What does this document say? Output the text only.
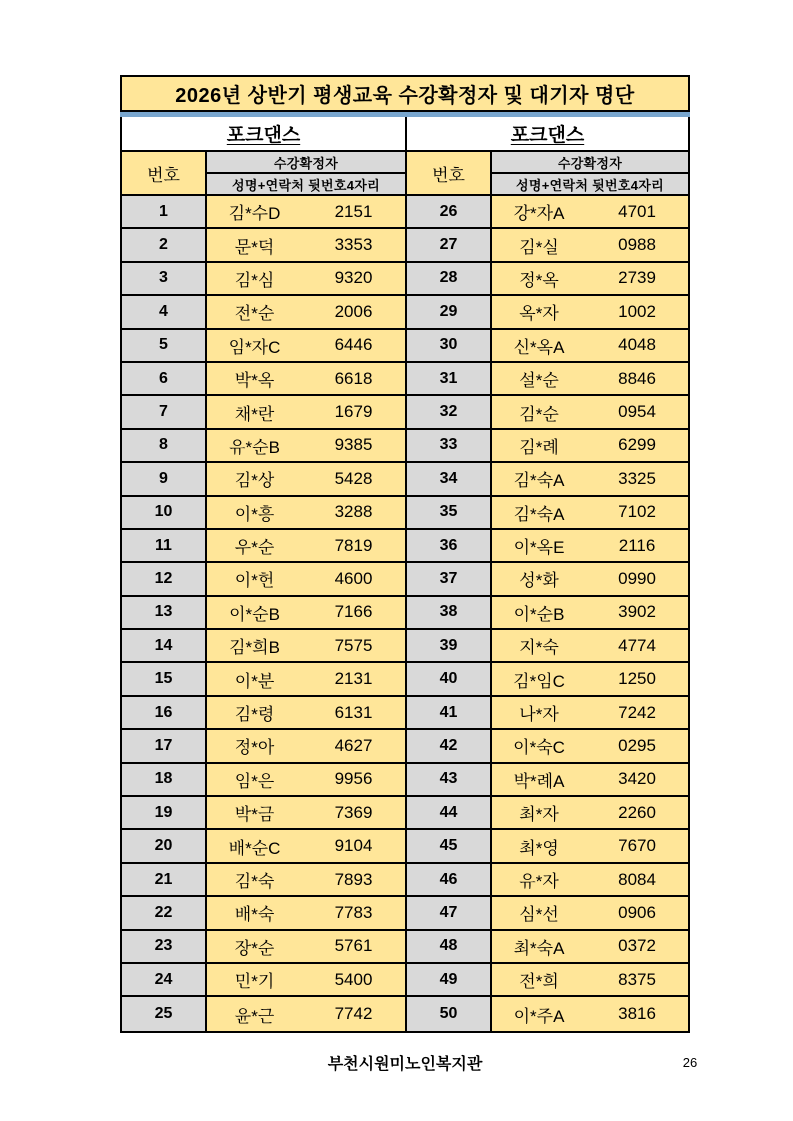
2026년 상반기 평생교육 수강확정자 및 대기자 명단
포크댄스
번호
수강확정자
성명+연락처 뒷번호4자리
1	김*수D	2151
2	문*덕	3353
3	김*심	9320
4	전*순	2006
5	임*자C	6446
6	박*옥	6618
7	채*란	1679
8	유*순B	9385
9	김*상	5428
10	이*흥	3288
11	우*순	7819
12	이*헌	4600
13	이*순B	7166
14	김*희B	7575
15	이*분	2131
16	김*령	6131
17	정*아	4627
18	임*은	9956
19	박*금	7369
20	배*순C	9104
21	김*숙	7893
22	배*숙	7783
23	장*순	5761
24	민*기	5400
25	윤*근	7742
포크댄스
번호
수강확정자
성명+연락처 뒷번호4자리
26	강*자A	4701
27	김*실	0988
28	정*옥	2739
29	옥*자	1002
30	신*옥A	4048
31	설*순	8846
32	김*순	0954
33	김*례	6299
34	김*숙A	3325
35	김*숙A	7102
36	이*옥E	2116
37	성*화	0990
38	이*순B	3902
39	지*숙	4774
40	김*임C	1250
41	나*자	7242
42	이*숙C	0295
43	박*례A	3420
44	최*자	2260
45	최*영	7670
46	유*자	8084
47	심*선	0906
48	최*숙A	0372
49	전*희	8375
50	이*주A	3816
부천시원미노인복지관	26
